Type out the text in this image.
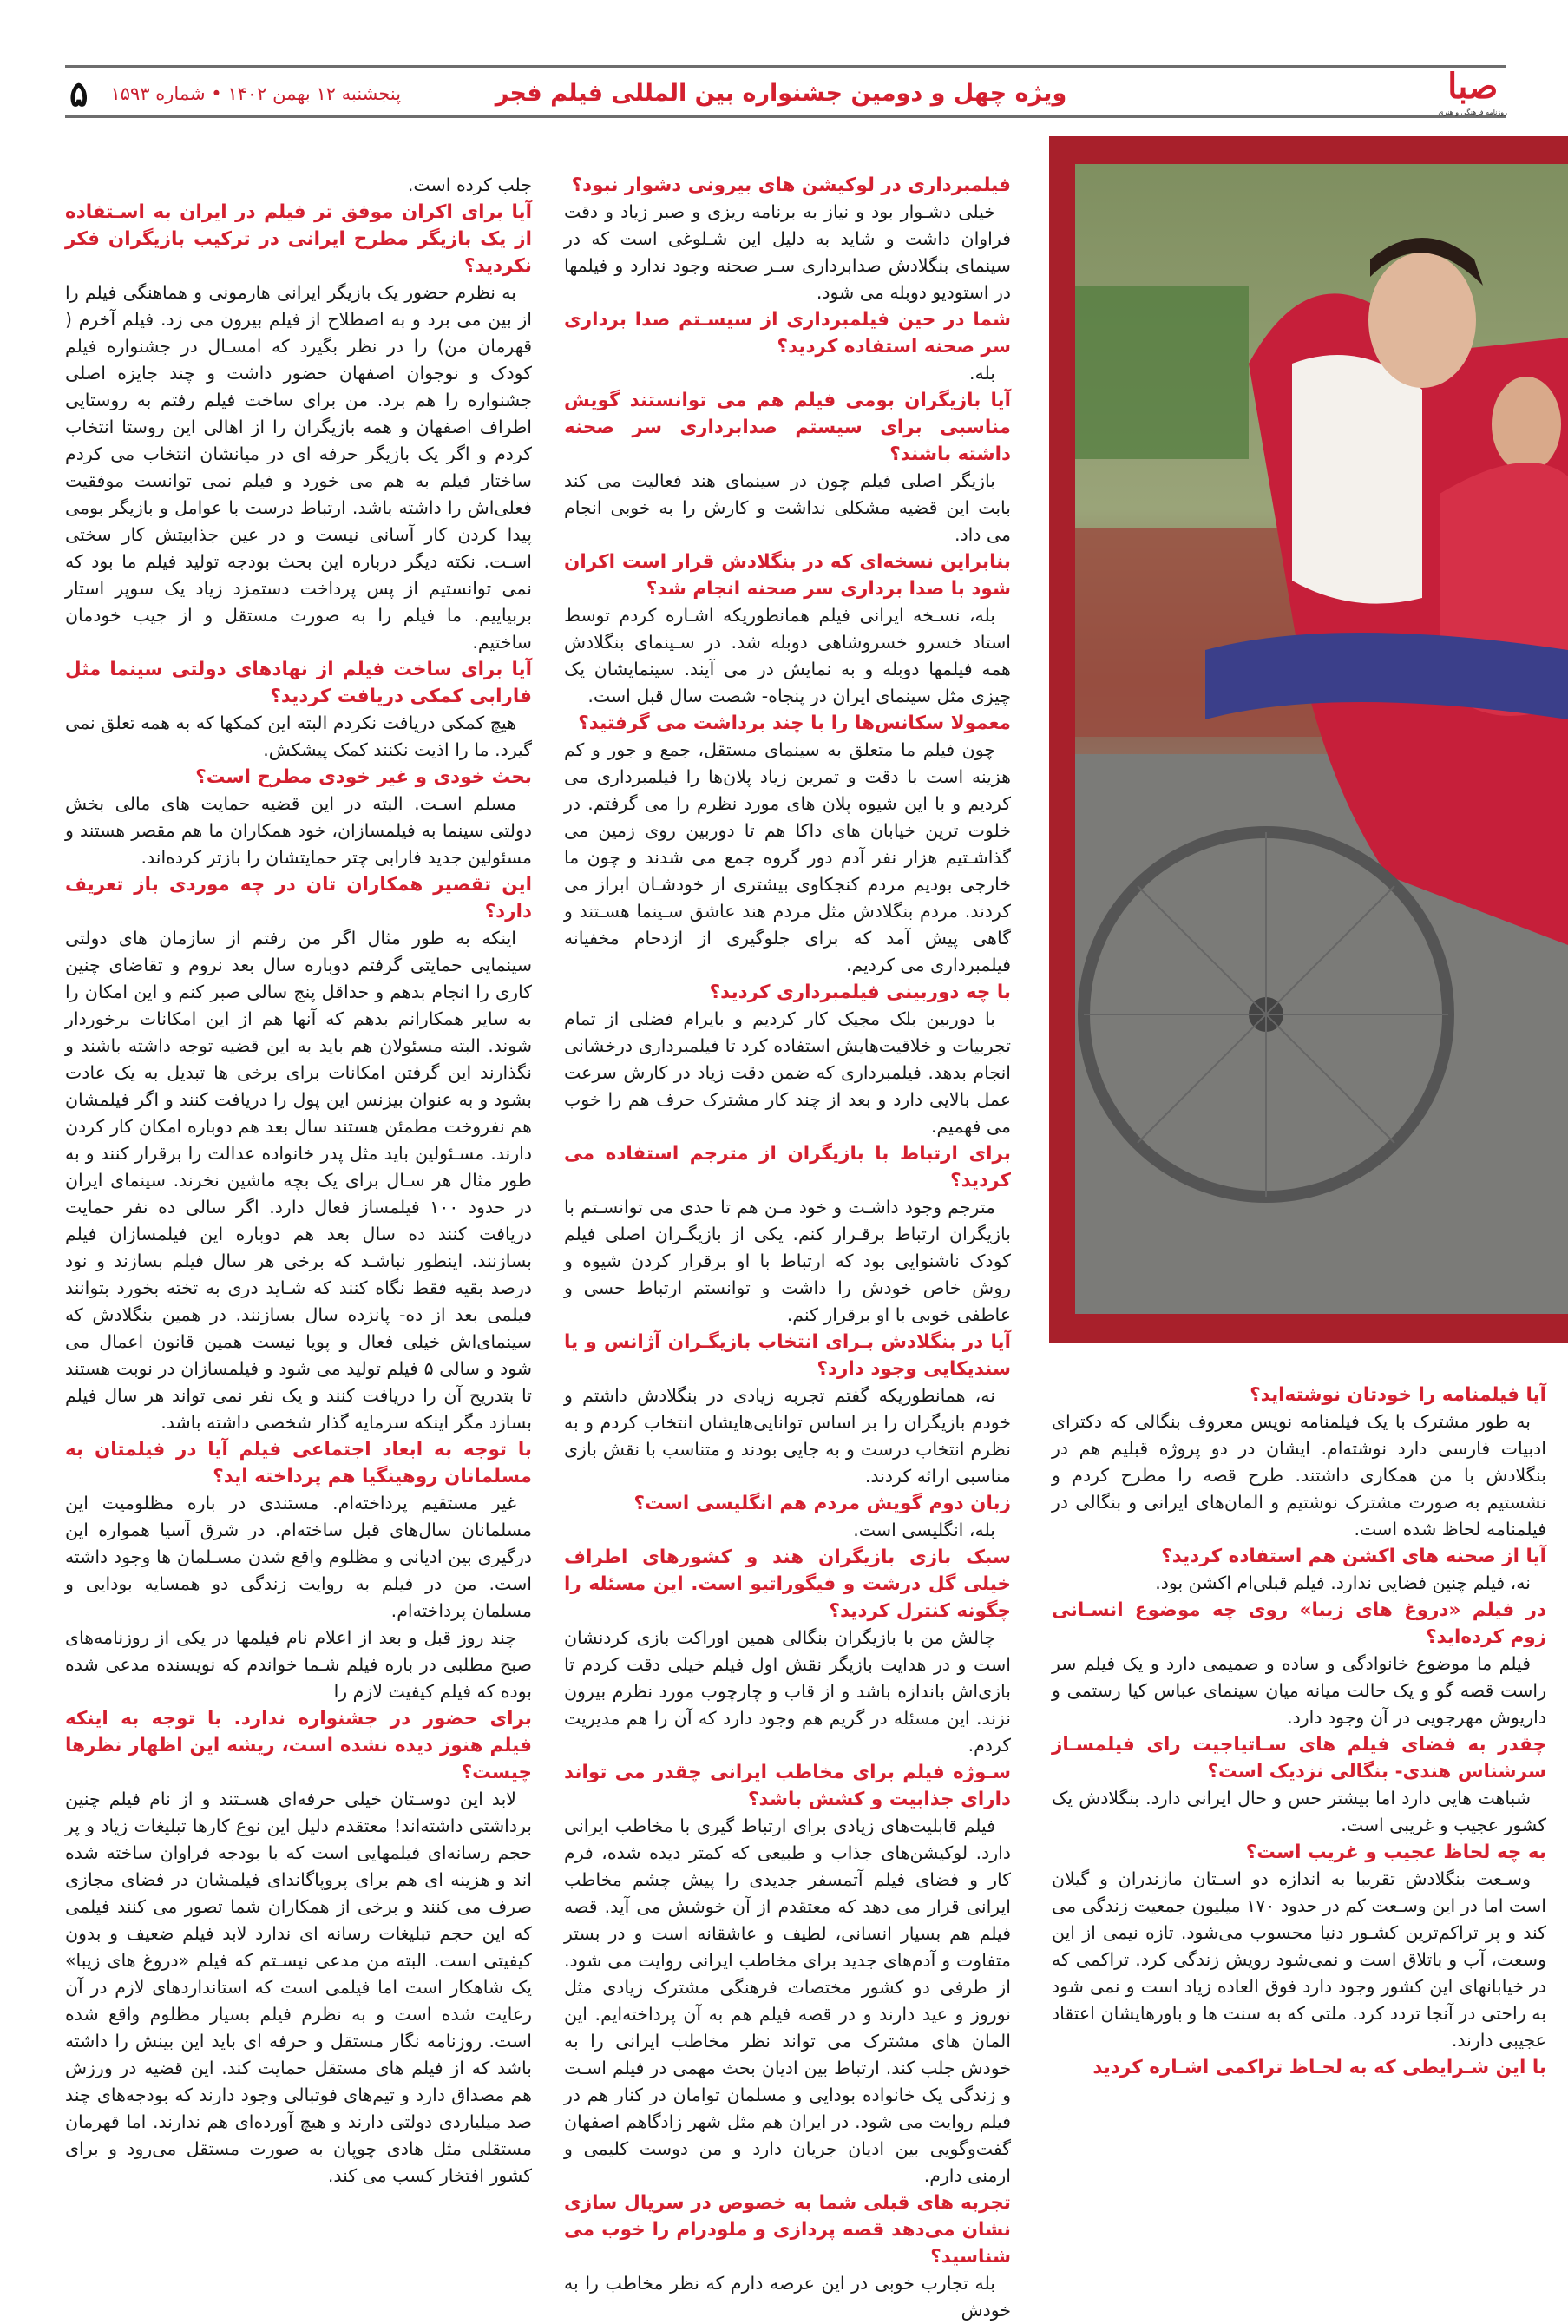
۵ پنجشنبه ۱۲ بهمن ۱۴۰۲ • شماره ۱۵۹۳	ویژه چهل و دومین جشنواره بین المللی فیلم فجر	صبا
روزنامه فرهنگی و هنری

آیا فیلمنامه را خودتان نوشته‌اید؟

به طور مشترک با یک فیلمنامه نویس معروف بنگالی که دکترای ادبیات فارسی دارد نوشته‌ام. ایشان در دو پروژه قبلیم هم در بنگلادش با من همکاری داشتند. طرح قصه را مطرح کردم و نشستیم به صورت مشترک نوشتیم و المان‌های ایرانی و بنگالی در فیلمنامه لحاظ شده است.

آیا از صحنه های اکشن هم استفاده کردید؟

نه، فیلم چنین فضایی ندارد. فیلم قبلی‌ام اکشن بود.

در فیلم «دروغ های زیبا» روی چه موضوع انسـانی زوم کرده‌اید؟

فیلم ما موضوع خانوادگی و ساده و صمیمی دارد و یک فیلم سر راست قصه گو و یک حالت میانه میان سینمای عباس کیا رستمی و داریوش مهرجویی در آن وجود دارد.

چقدر به فضای فیلم های سـاتیاجیت رای فیلمسـاز سرشناس هندی- بنگالی نزدیک است؟

شباهت هایی دارد اما بیشتر حس و حال ایرانی دارد. بنگلادش یک کشور عجیب و غریبی است.

به چه لحاظ عجیب و غریب است؟

وسـعت بنگلادش تقریبا به اندازه دو اسـتان مازندران و گیلان است اما در این وسـعت کم در حدود ۱۷۰ میلیون جمعیت زندگی می کند و پر تراکم‌ترین کشـور دنیا محسوب می‌شود. تازه نیمی از این وسعت، آب و باتلاق است و نمی‌شود رویش زندگی کرد. تراکمی که در خیابانهای این کشور وجود دارد فوق العاده زیاد است و نمی شود به راحتی در آنجا تردد کرد. ملتی که به سنت ها و باورهایشان اعتقاد عجیبی دارند.

با این شـرایطی که به لحـاظ تراکمی اشـاره کردید

فیلمبرداری در لوکیشن های بیرونی دشوار نبود؟

خیلی دشـوار بود و نیاز به برنامه ریزی و صبر زیاد و دقت فراوان داشت و شاید به دلیل این شـلوغی است که در سینمای بنگلادش صدابرداری سـر صحنه وجود ندارد و فیلمها در استودیو دوبله می شود.

شما در حین فیلمبرداری از سیسـتم صدا برداری سر صحنه استفاده کردید؟

بله.

آیا بازیگران بومی فیلم هم می توانستند گویش مناسبی برای سیستم صدابرداری سر صحنه داشته باشند؟

بازیگر اصلی فیلم چون در سینمای هند فعالیت می کند بابت این قضیه مشکلی نداشت و کارش را به خوبی انجام می داد.

بنابراین نسخه‌ای که در بنگلادش قرار است اکران شود با صدا برداری سر صحنه انجام شد؟

بله، نسـخه ایرانی فیلم همانطوریکه اشـاره کردم توسط استاد خسرو خسروشاهی دوبله شد. در سـینمای بنگلادش همه فیلمها دوبله و به نمایش در می آیند. سینمایشان یک چیزی مثل سینمای ایران در پنجاه- شصت سال قبل است.

معمولا سکانس‌ها را با چند برداشت می گرفتید؟

چون فیلم ما متعلق به سینمای مستقل، جمع و جور و کم هزینه است با دقت و تمرین زیاد پلان‌ها را فیلمبرداری می کردیم و با این شیوه پلان های مورد نظرم را می گرفتم. در خلوت ترین خیابان های داکا هم تا دوربین روی زمین می گذاشـتیم هزار نفر آدم دور گروه جمع می شدند و چون ما خارجی بودیم مردم کنجکاوی بیشتری از خودشـان ابراز می کردند. مردم بنگلادش مثل مردم هند عاشق سـینما هسـتند و گاهی پیش آمد که برای جلوگیری از ازدحام مخفیانه فیلمبرداری می کردیم.

با چه دوربینی فیلمبرداری کردید؟

با دوربین بلک مجیک کار کردیم و بایرام فضلی از تمام تجربیات و خلاقیت‌هایش استفاده کرد تا فیلمبرداری درخشانی انجام بدهد. فیلمبرداری که ضمن دقت زیاد در کارش سرعت عمل بالایی دارد و بعد از چند کار مشترک حرف هم را خوب می فهمیم.

برای ارتباط با بازیگران از مترجم استفاده می کردید؟

مترجم وجود داشـت و خود مـن هم تا حدی می توانسـتم با بازیگران ارتباط برقـرار کنم. یکی از بازیگـران اصلی فیلم کودک ناشنوایی بود که ارتباط با او برقرار کردن شیوه و روش خاص خودش را داشت و توانستم ارتباط حسی و عاطفی خوبی با او برقرار کنم.

آیا در بنگلادش بـرای انتخاب بازیگـران آژانس و یا سندیکایی وجود دارد؟

نه، همانطوریکه گفتم تجربه زیادی در بنگلادش داشتم و خودم بازیگران را بر اساس توانایی‌هایشان انتخاب کردم و به نظرم انتخاب درست و به جایی بودند و متناسب با نقش بازی مناسبی ارائه کردند.

زبان دوم گویش مردم هم انگلیسی است؟

بله، انگلیسی است.

سبک بازی بازیگران هند و کشورهای اطراف خیلی گل درشت و فیگوراتیو است. این مسئله را چگونه کنترل کردید؟

چالش من با بازیگران بنگالی همین اوراکت بازی کردنشان است و در هدایت بازیگر نقش اول فیلم خیلی دقت کردم تا بازی‌اش باندازه باشد و از قاب و چارچوب مورد نظرم بیرون نزند. این مسئله در گریم هم وجود دارد که آن را هم مدیریت کردم.

سـوژه فیلم برای مخاطب ایرانی چقدر می تواند دارای جذابیت و کشش باشد؟

فیلم قابلیت‌های زیادی برای ارتباط گیری با مخاطب ایرانی دارد. لوکیشن‌های جذاب و طبیعی که کمتر دیده شده، فرم کار و فضای فیلم آتمسفر جدیدی را پیش چشم مخاطب ایرانی قرار می دهد که معتقدم از آن خوشش می آید. قصه فیلم هم بسیار انسانی، لطیف و عاشقانه است و در بستر متفاوت و آدم‌های جدید برای مخاطب ایرانی روایت می شود. از طرفی دو کشور مختصات فرهنگی مشترک زیادی مثل نوروز و عید دارند و در قصه فیلم هم به آن پرداخته‌ایم. این المان های مشترک می تواند نظر مخاطب ایرانی را به خودش جلب کند. ارتباط بین ادیان بحث مهمی در فیلم اسـت و زندگی یک خانواده بودایی و مسلمان توامان در کنار هم در فیلم روایت می شود. در ایران هم مثل شهر زادگاهم اصفهان گفت‌وگویی بین ادیان جریان دارد و من دوست کلیمی و ارمنی دارم.

تجربه های قبلی شما به خصوص در سریال سازی نشان می‌دهد قصه پردازی و ملودرام را خوب می شناسید؟

بله تجارب خوبی در این عرصه دارم که نظر مخاطب را به خودش

جلب کرده است.

آیا برای اکران موفق تر فیلم در ایران به اسـتفاده از یک بازیگر مطرح ایرانی در ترکیب بازیگران فکر نکردید؟

به نظرم حضور یک بازیگر ایرانی هارمونی و هماهنگی فیلم را از بین می برد و به اصطلاح از فیلم بیرون می زد. فیلم آخرم ( قهرمان من) را در نظر بگیرد که امسـال در جشنواره فیلم کودک و نوجوان اصفهان حضور داشت و چند جایزه اصلی جشنواره را هم برد. من برای ساخت فیلم رفتم به روستایی اطراف اصفهان و همه بازیگران را از اهالی این روستا انتخاب کردم و اگر یک بازیگر حرفه ای در میانشان انتخاب می کردم ساختار فیلم به هم می خورد و فیلم نمی توانست موفقیت فعلی‌اش را داشته باشد. ارتباط درست با عوامل و بازیگر بومی پیدا کردن کار آسانی نیست و در عین جذابیتش کار سختی اسـت. نکته دیگر درباره این بحث بودجه تولید فیلم ما بود که نمی توانستیم از پس پرداخت دستمزد زیاد یک سوپر استار بربیاییم. ما فیلم را به صورت مستقل و از جیب خودمان ساختیم.

آیا برای ساخت فیلم از نهادهای دولتی سینما مثل فارابی کمکی دریافت کردید؟

هیچ کمکی دریافت نکردم البته این کمکها که به همه تعلق نمی گیرد. ما را اذیت نکنند کمک پیشکش.

بحث خودی و غیر خودی مطرح است؟

مسلم اسـت. البته در این قضیه حمایت های مالی بخش دولتی سینما به فیلمسازان، خود همکاران ما هم مقصر هستند و مسئولین جدید فارابی چتر حمایتشان را بازتر کرده‌اند.

این تقصیر همکاران تان در چه موردی باز تعریف دارد؟

اینکه به طور مثال اگر من رفتم از سازمان های دولتی سینمایی حمایتی گرفتم دوباره سال بعد نروم و تقاضای چنین کاری را انجام بدهم و حداقل پنج سالی صبر کنم و این امکان را به سایر همکارانم بدهم که آنها هم از این امکانات برخوردار شوند. البته مسئولان هم باید به این قضیه توجه داشته باشند و نگذارند این گرفتن امکانات برای برخی ها تبدیل به یک عادت بشود و به عنوان بیزنس این پول را دریافت کنند و اگر فیلمشان هم نفروخت مطمئن هستند سال بعد هم دوباره امکان کار کردن دارند. مسـئولین باید مثل پدر خانواده عدالت را برقرار کنند و به طور مثال هر سـال برای یک بچه ماشین نخرند. سینمای ایران در حدود ۱۰۰ فیلمساز فعال دارد. اگر سالی ده نفر حمایت دریافت کنند ده سال بعد هم دوباره این فیلمسازان فیلم بسازنند. اینطور نباشـد که برخی هر سال فیلم بسازند و نود درصد بقیه فقط نگاه کنند که شـاید دری به تخته بخورد بتوانند فیلمی بعد از ده- پانزده سال بسازنند. در همین بنگلادش که سینمای‌اش خیلی فعال و پویا نیست همین قانون اعمال می شود و سالی ۵ فیلم تولید می شود و فیلمسازان در نوبت هستند تا بتدریج آن را دریافت کنند و یک نفر نمی تواند هر سال فیلم بسازد مگر اینکه سرمایه گذار شخصی داشته باشد.

با توجه به ابعاد اجتماعی فیلم آیا در فیلمتان به مسلمانان روهینگیا هم پرداخته اید؟

غیر مستقیم پرداخته‌ام. مستندی در باره مظلومیت این مسلمانان سال‌های قبل ساخته‌ام. در شرق آسیا همواره این درگیری بین ادیانی و مظلوم واقع شدن مسـلمان ها وجود داشته است. من در فیلم به روایت زندگی دو همسایه بودایی و مسلمان پرداخته‌ام.

چند روز قبل و بعد از اعلام نام فیلمها در یکی از روزنامه‌های صبح مطلبی در باره فیلم شـما خواندم که نویسنده مدعی شده بوده که فیلم کیفیت لازم را

برای حضور در جشنواره ندارد. با توجه به اینکه فیلم هنوز دیده نشده است، ریشه این اظهار نظرها چیست؟

لابد این دوسـتان خیلی حرفه‌ای هسـتند و از نام فیلم چنین برداشتی داشته‌اند! معتقدم دلیل این نوع کارها تبلیغات زیاد و پر حجم رسانه‌ای فیلمهایی است که با بودجه فراوان ساخته شده اند و هزینه ای هم برای پروپاگاندای فیلمشان در فضای مجازی صرف می کنند و برخی از همکاران شما تصور می کنند فیلمی که این حجم تبلیغات رسانه ای ندارد لابد فیلم ضعیف و بدون کیفیتی است. البته من مدعی نیسـتم که فیلم «دروغ های زیبا» یک شاهکار است اما فیلمی است که استانداردهای لازم در آن رعایت شده است و به نظرم فیلم بسیار مظلوم واقع شده است. روزنامه نگار مستقل و حرفه ای باید این بینش را داشته باشد که از فیلم های مستقل حمایت کند. این قضیه در ورزش هم مصداق دارد و تیم‌های فوتبالی وجود دارند که بودجه‌های چند صد میلیاردی دولتی دارند و هیچ آورده‌ای هم ندارند. اما قهرمان مستقلی مثل هادی چوپان به صورت مستقل می‌رود و برای کشور افتخار کسب می کند.
